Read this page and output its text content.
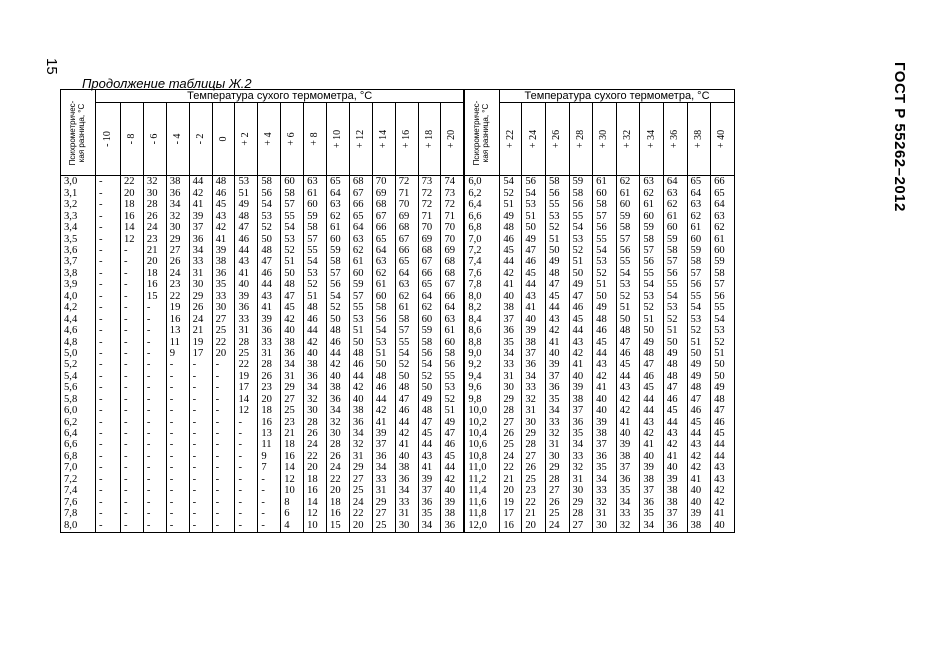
15	ГОСТ Р 55262–2012
Продолжение таблицы Ж.2
Психрометричес-
кая разница, °С	Температура сухого термометра, °С															

	- 10	- 8	- 6	- 4	- 2	0	+ 2	+ 4	+ 6	+ 8	+ 10	+ 12	+ 14	+ 16	+ 18	+ 20

3,0	-	22	32	38	44	48	53	58	60	63	65	68	70	72	73	74
3,1	-	20	30	36	42	46	51	56	58	61	64	67	69	71	72	73
3,2	-	18	28	34	41	45	49	54	57	60	63	66	68	70	72	72
3,3	-	16	26	32	39	43	48	53	55	59	62	65	67	69	71	71
3,4	-	14	24	30	37	42	47	52	54	58	61	64	66	68	70	70
3,5	-	12	23	29	36	41	46	50	53	57	60	63	65	67	69	70
3,6	-	-	21	27	34	39	44	48	52	55	59	62	64	66	68	69
3,7	-	-	20	26	33	38	43	47	51	54	58	61	63	65	67	68
3,8	-	-	18	24	31	36	41	46	50	53	57	60	62	64	66	68
3,9	-	-	16	23	30	35	40	44	48	52	56	59	61	63	65	67
4,0	-	-	15	22	29	33	39	43	47	51	54	57	60	62	64	66
4,2	-	-	-	19	26	30	36	41	45	48	52	55	58	61	62	64
4,4	-	-	-	16	24	27	33	39	42	46	50	53	56	58	60	63
4,6	-	-	-	13	21	25	31	36	40	44	48	51	54	57	59	61
4,8	-	-	-	11	19	22	28	33	38	42	46	50	53	55	58	60
5,0	-	-	-	9	17	20	25	31	36	40	44	48	51	54	56	58
5,2	-	-	-	-	-	-	22	28	34	38	42	46	50	52	54	56
5,4	-	-	-	-	-	-	19	26	31	36	40	44	48	50	52	55
5,6	-	-	-	-	-	-	17	23	29	34	38	42	46	48	50	53
5,8	-	-	-	-	-	-	14	20	27	32	36	40	44	47	49	52
6,0	-	-	-	-	-	-	12	18	25	30	34	38	42	46	48	51
6,2	-	-	-	-	-	-	-	16	23	28	32	36	41	44	47	49
6,4	-	-	-	-	-	-	-	13	21	26	30	34	39	42	45	47
6,6	-	-	-	-	-	-	-	11	18	24	28	32	37	41	44	46
6,8	-	-	-	-	-	-	-	9	16	22	26	31	36	40	43	45
7,0	-	-	-	-	-	-	-	7	14	20	24	29	34	38	41	44
7,2	-	-	-	-	-	-	-	-	12	18	22	27	33	36	39	42
7,4	-	-	-	-	-	-	-	-	10	16	20	25	31	34	37	40
7,6	-	-	-	-	-	-	-	-	8	14	18	24	29	33	36	39
7,8	-	-	-	-	-	-	-	-	6	12	16	22	27	31	35	38
8,0	-	-	-	-	-	-	-	-	4	10	15	20	25	30	34	36
Психрометричес-
кая разница, °С	Температура сухого термометра, °С									

	+ 22	+ 24	+ 26	+ 28	+ 30	+ 32	+ 34	+ 36	+ 38	+ 40

6,0	54	56	58	59	61	62	63	64	65	66
6,2	52	54	56	58	60	61	62	63	64	65
6,4	51	53	55	56	58	60	61	62	63	64
6,6	49	51	53	55	57	59	60	61	62	63
6,8	48	50	52	54	56	58	59	60	61	62
7,0	46	49	51	53	55	57	58	59	60	61
7,2	45	47	50	52	54	56	57	58	59	60
7,4	44	46	49	51	53	55	56	57	58	59
7,6	42	45	48	50	52	54	55	56	57	58
7,8	41	44	47	49	51	53	54	55	56	57
8,0	40	43	45	47	50	52	53	54	55	56
8,2	38	41	44	46	49	51	52	53	54	55
8,4	37	40	43	45	48	50	51	52	53	54
8,6	36	39	42	44	46	48	50	51	52	53
8,8	35	38	41	43	45	47	49	50	51	52
9,0	34	37	40	42	44	46	48	49	50	51
9,2	33	36	39	41	43	45	47	48	49	50
9,4	31	34	37	40	42	44	46	48	49	50
9,6	30	33	36	39	41	43	45	47	48	49
9,8	29	32	35	38	40	42	44	46	47	48
10,0	28	31	34	37	40	42	44	45	46	47
10,2	27	30	33	36	39	41	43	44	45	46
10,4	26	29	32	35	38	40	42	43	44	45
10,6	25	28	31	34	37	39	41	42	43	44
10,8	24	27	30	33	36	38	40	41	42	44
11,0	22	26	29	32	35	37	39	40	42	43
11,2	21	25	28	31	34	36	38	39	41	43
11,4	20	23	27	30	33	35	37	38	40	42
11,6	19	22	26	29	32	34	36	38	40	42
11,8	17	21	25	28	31	33	35	37	39	41
12,0	16	20	24	27	30	32	34	36	38	40
